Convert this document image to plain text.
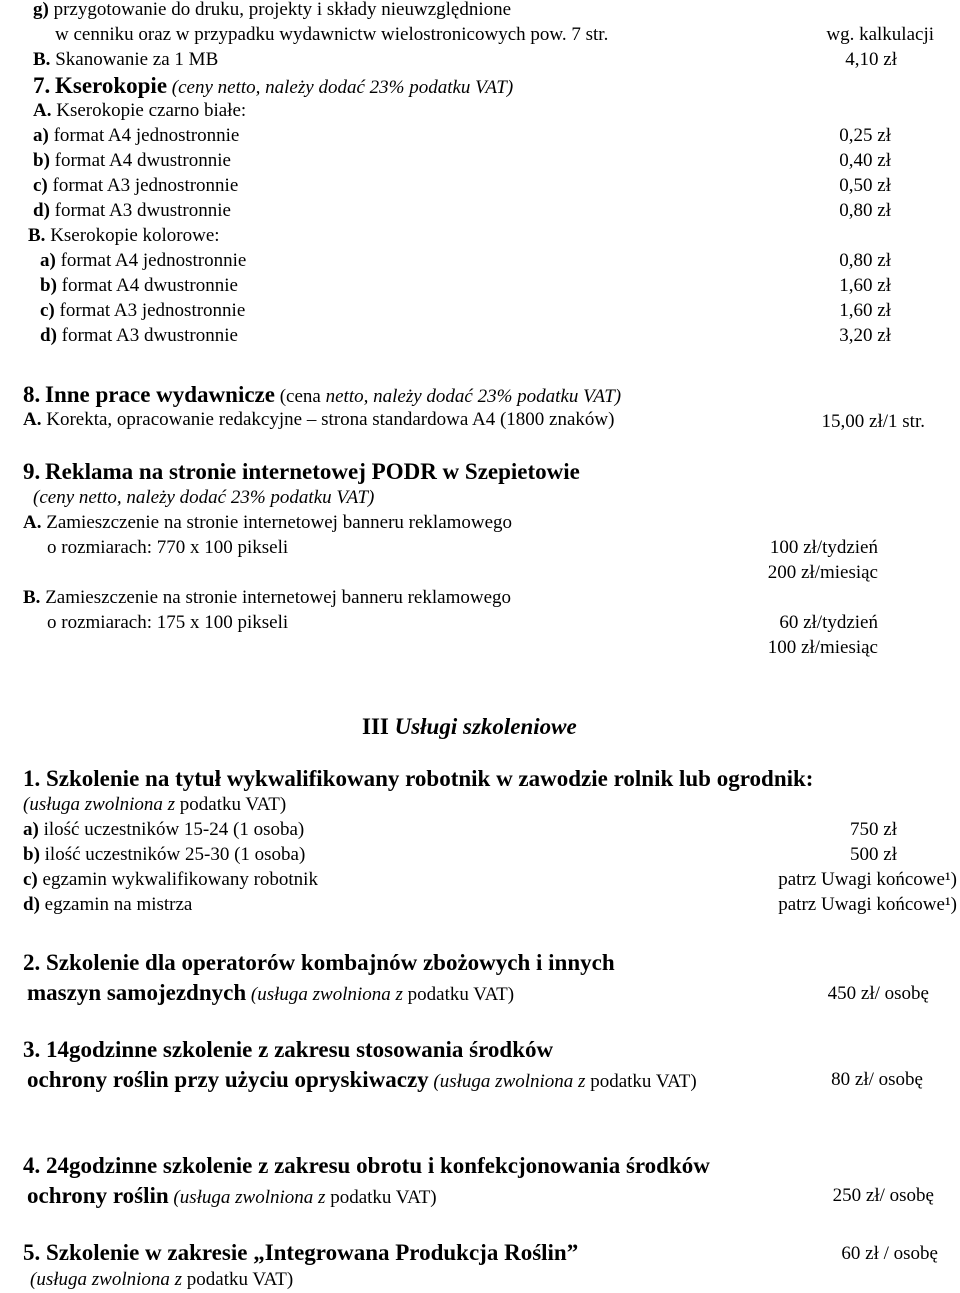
g) przygotowanie do druku, projekty i składy nieuwzględnione
w cenniku oraz w przypadku wydawnictw wielostronicowych pow. 7 str.	wg. kalkulacji
B. Skanowanie za 1 MB	4,10 zł
7. Kserokopie (ceny netto, należy dodać 23% podatku VAT)
A. Kserokopie czarno białe:
a) format A4 jednostronnie	0,25 zł
b) format A4 dwustronnie	0,40 zł
c) format A3 jednostronnie	0,50 zł
d) format A3 dwustronnie	0,80 zł
B. Kserokopie kolorowe:
a) format A4 jednostronnie	0,80 zł
b) format A4 dwustronnie	1,60 zł
c) format A3 jednostronnie	1,60 zł
d) format A3 dwustronnie	3,20 zł
8. Inne prace wydawnicze (cena netto, należy dodać 23% podatku VAT)
A. Korekta, opracowanie redakcyjne – strona standardowa A4 (1800 znaków)	15,00 zł/1 str.
9. Reklama na stronie internetowej PODR w Szepietowie
(ceny netto, należy dodać 23% podatku VAT)
A. Zamieszczenie na stronie internetowej banneru reklamowego
o rozmiarach: 770 x 100 pikseli	100 zł/tydzień
200 zł/miesiąc
B. Zamieszczenie na stronie internetowej banneru reklamowego
o rozmiarach: 175 x 100 pikseli	60 zł/tydzień
100 zł/miesiąc
III Usługi szkoleniowe
1. Szkolenie na tytuł wykwalifikowany robotnik w zawodzie rolnik lub ogrodnik:
(usługa zwolniona z podatku VAT)
a) ilość uczestników 15-24 (1 osoba)	750 zł
b) ilość uczestników 25-30 (1 osoba)	500 zł
c) egzamin wykwalifikowany robotnik	patrz Uwagi końcowe¹)
d) egzamin na mistrza	patrz Uwagi końcowe¹)
2. Szkolenie dla operatorów kombajnów zbożowych i innych
maszyn samojezdnych (usługa zwolniona z podatku VAT)	450 zł/ osobę
3. 14godzinne szkolenie z zakresu stosowania środków
ochrony roślin przy użyciu opryskiwaczy (usługa zwolniona z podatku VAT)	80 zł/ osobę
4. 24godzinne szkolenie z zakresu obrotu i konfekcjonowania środków
ochrony roślin (usługa zwolniona z podatku VAT)	250 zł/ osobę
5. Szkolenie w zakresie „Integrowana Produkcja Roślin”	60 zł / osobę
(usługa zwolniona z podatku VAT)
